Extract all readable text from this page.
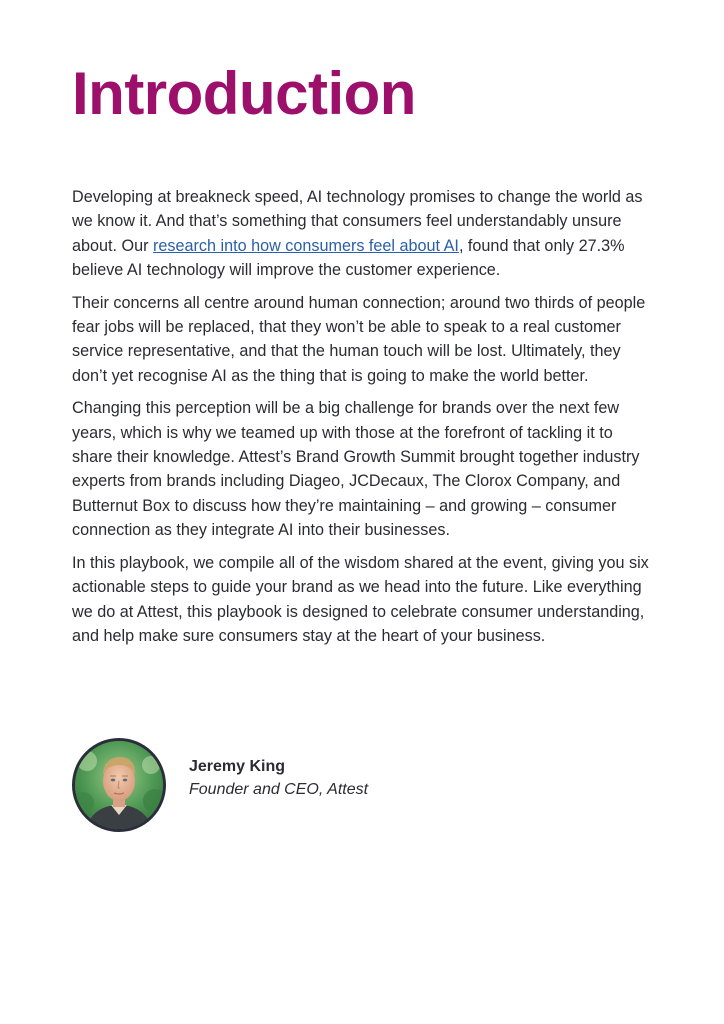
Introduction

Developing at breakneck speed, AI technology promises to change the world as we know it. And that’s something that consumers feel understandably unsure about. Our research into how consumers feel about AI, found that only 27.3% believe AI technology will improve the customer experience.

Their concerns all centre around human connection; around two thirds of people fear jobs will be replaced, that they won’t be able to speak to a real customer service representative, and that the human touch will be lost. Ultimately, they don’t yet recognise AI as the thing that is going to make the world better.

Changing this perception will be a big challenge for brands over the next few years, which is why we teamed up with those at the forefront of tackling it to share their knowledge. Attest’s Brand Growth Summit brought together industry experts from brands including Diageo, JCDecaux, The Clorox Company, and Butternut Box to discuss how they’re maintaining – and growing – consumer connection as they integrate AI into their businesses.

In this playbook, we compile all of the wisdom shared at the event, giving you six actionable steps to guide your brand as we head into the future. Like everything we do at Attest, this playbook is designed to celebrate consumer understanding, and help make sure consumers stay at the heart of your business.

Jeremy King
Founder and CEO, Attest
